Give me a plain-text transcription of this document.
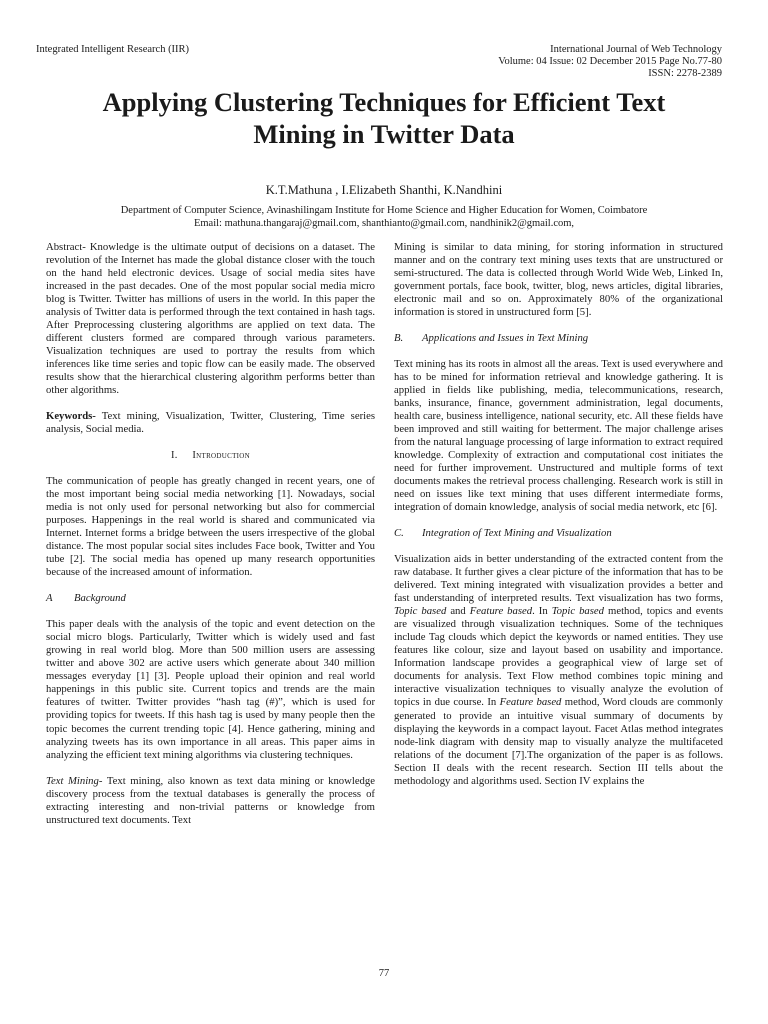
Integrated Intelligent Research (IIR)	International Journal of Web Technology
Volume: 04 Issue: 02 December 2015 Page No.77-80
ISSN: 2278-2389
Applying Clustering Techniques for Efficient Text
Mining in Twitter Data
K.T.Mathuna , I.Elizabeth Shanthi, K.Nandhini
Department of Computer Science, Avinashilingam Institute for Home Science and Higher Education for Women, Coimbatore
Email: mathuna.thangaraj@gmail.com, shanthianto@gmail.com, nandhinik2@gmail.com,

Abstract- Knowledge is the ultimate output of decisions on a dataset. The revolution of the Internet has made the global distance closer with the touch on the hand held electronic devices. Usage of social media sites have increased in the past decades. One of the most popular social media micro blog is Twitter. Twitter has millions of users in the world. In this paper the analysis of Twitter data is performed through the text contained in hash tags. After Preprocessing clustering algorithms are applied on text data. The different clusters formed are compared through various parameters. Visualization techniques are used to portray the results from which inferences like time series and topic flow can be easily made. The observed results show that the hierarchical clustering algorithm performs better than other algorithms.

Keywords- Text mining, Visualization, Twitter, Clustering, Time series analysis, Social media.

I. Introduction

The communication of people has greatly changed in recent years, one of the most important being social media networking [1]. Nowadays, social media is not only used for personal networking but also for commercial purposes. Happenings in the real world is shared and communicated via Internet. Internet forms a bridge between the users irrespective of the global distance. The most popular social sites includes Face book, Twitter and You tube [2]. The social media has opened up many research opportunities because of the increased amount of information.

A Background

This paper deals with the analysis of the topic and event detection on the social micro blogs. Particularly, Twitter which is widely used and fast growing in real world blog. More than 500 million users are assessing twitter and above 302 are active users which generate about 340 million messages everyday [1] [3]. People upload their opinion and real world happenings in this public site. Current topics and trends are the main features of twitter. Twitter provides “hash tag (#)”, which is used for providing topics for tweets. If this hash tag is used by many people then the topic becomes the current trending topic [4]. Hence gathering, mining and analyzing tweets has its own importance in all areas. This paper aims in analyzing the efficient text mining algorithms via clustering techniques.

Text Mining- Text mining, also known as text data mining or knowledge discovery process from the textual databases is generally the process of extracting interesting and non-trivial patterns or knowledge from unstructured text documents. Text

Mining is similar to data mining, for storing information in structured manner and on the contrary text mining uses texts that are unstructured or semi-structured. The data is collected through World Wide Web, Linked In, government portals, face book, twitter, blog, news articles, digital libraries, electronic mail and so on. Approximately 80% of the organizational information is stored in unstructured form [5].

B. Applications and Issues in Text Mining

Text mining has its roots in almost all the areas. Text is used everywhere and has to be mined for information retrieval and knowledge gathering. It is applied in fields like publishing, media, telecommunications, research, banks, insurance, finance, government administration, legal documents, health care, business intelligence, national security, etc. All these fields have been improved and still waiting for betterment. The major challenge arises from the natural language processing of large information to extract required knowledge. Complexity of extraction and computational cost initiates the need for further improvement. Unstructured and multiple forms of text documents makes the retrieval process challenging. Research work is still in need on issues like text mining that uses different intermediate forms, integration of domain knowledge, analysis of social media network, etc [6].

C. Integration of Text Mining and Visualization

Visualization aids in better understanding of the extracted content from the raw database. It further gives a clear picture of the information that has to be delivered. Text mining integrated with visualization provides a better and fast understanding of interpreted results. Text visualization has two forms, Topic based and Feature based. In Topic based method, topics and events are visualized through visualization techniques. Some of the techniques include Tag clouds which depict the keywords or named entities. They use features like colour, size and layout based on usability and importance. Information landscape provides a geographical view of large set of documents for analysis. Text Flow method combines topic mining and interactive visualization techniques to visually analyze the evolution of topics in due course. In Feature based method, Word clouds are commonly generated to provide an intuitive visual summary of documents by displaying the keywords in a compact layout. Facet Atlas method integrates node-link diagram with density map to visually analyze the multifaceted relations of the document [7].The organization of the paper is as follows. Section II deals with the recent research. Section III tells about the methodology and algorithms used. Section IV explains the

77
